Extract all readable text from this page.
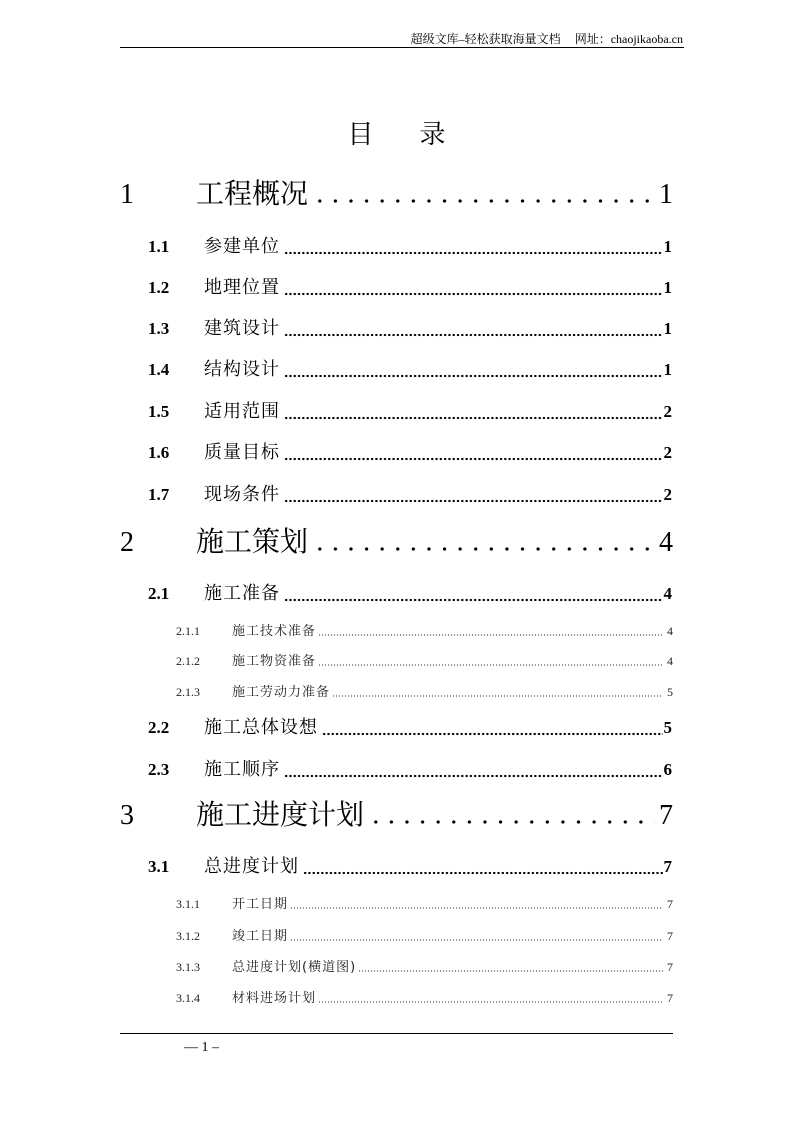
超级文库–轻松获取海量文档 网址：chaojikaoba.cn
目 录
1	工程概况	1
1.1	参建单位	1
1.2	地理位置	1
1.3	建筑设计	1
1.4	结构设计	1
1.5	适用范围	2
1.6	质量目标	2
1.7	现场条件	2
2	施工策划	4
2.1	施工准备	4
2.1.1	施工技术准备	4
2.1.2	施工物资准备	4
2.1.3	施工劳动力准备	5
2.2	施工总体设想	5
2.3	施工顺序	6
3	施工进度计划	7
3.1	总进度计划	7
3.1.1	开工日期	7
3.1.2	竣工日期	7
3.1.3	总进度计划(横道图)	7
3.1.4	材料进场计划	7
— 1 –
